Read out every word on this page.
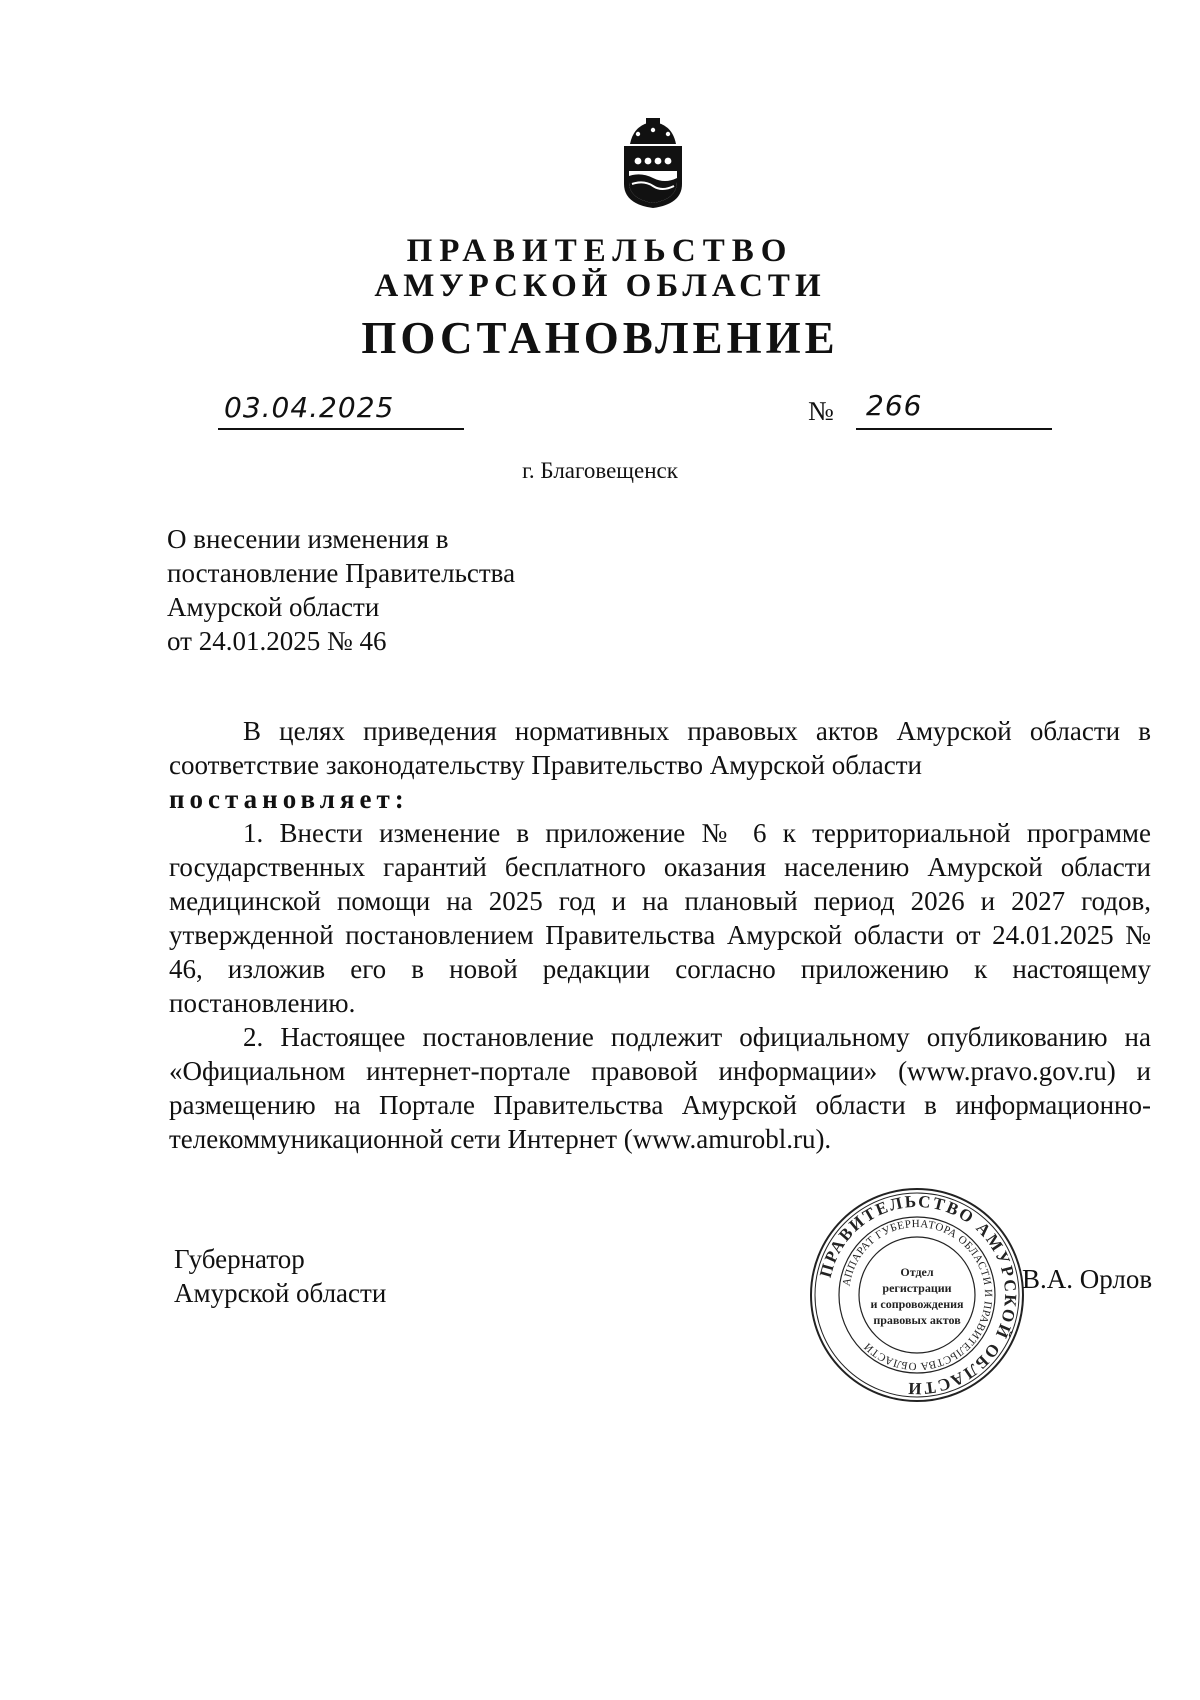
ПРАВИТЕЛЬСТВО
АМУРСКОЙ ОБЛАСТИ
ПОСТАНОВЛЕНИЕ
03.04.2025	№ 266
г. Благовещенск
О внесении изменения в
постановление Правительства
Амурской области
от 24.01.2025 № 46

В целях приведения нормативных правовых актов Амурской области в соответствие законодательству Правительство Амурской области

постановляет:

1. Внести изменение в приложение № 6 к территориальной программе государственных гарантий бесплатного оказания населению Амурской области медицинской помощи на 2025 год и на плановый период 2026 и 2027 годов, утвержденной постановлением Правительства Амурской области от 24.01.2025 № 46, изложив его в новой редакции согласно приложению к настоящему постановлению.

2. Настоящее постановление подлежит официальному опубликованию на «Официальном интернет-портале правовой информации» (www.pravo.gov.ru) и размещению на Портале Правительства Амурской области в информационно-телекоммуникационной сети Интернет (www.amurobl.ru).

Губернатор
Амурской области	В.А. Орлов
ПРАВИТЕЛЬСТВО АМУРСКОЙ ОБЛАСТИ
АППАРАТ ГУБЕРНАТОРА ОБЛАСТИ И ПРАВИТЕЛЬСТВА ОБЛАСТИ
Отдел
регистрации
и сопровождения
правовых актов
